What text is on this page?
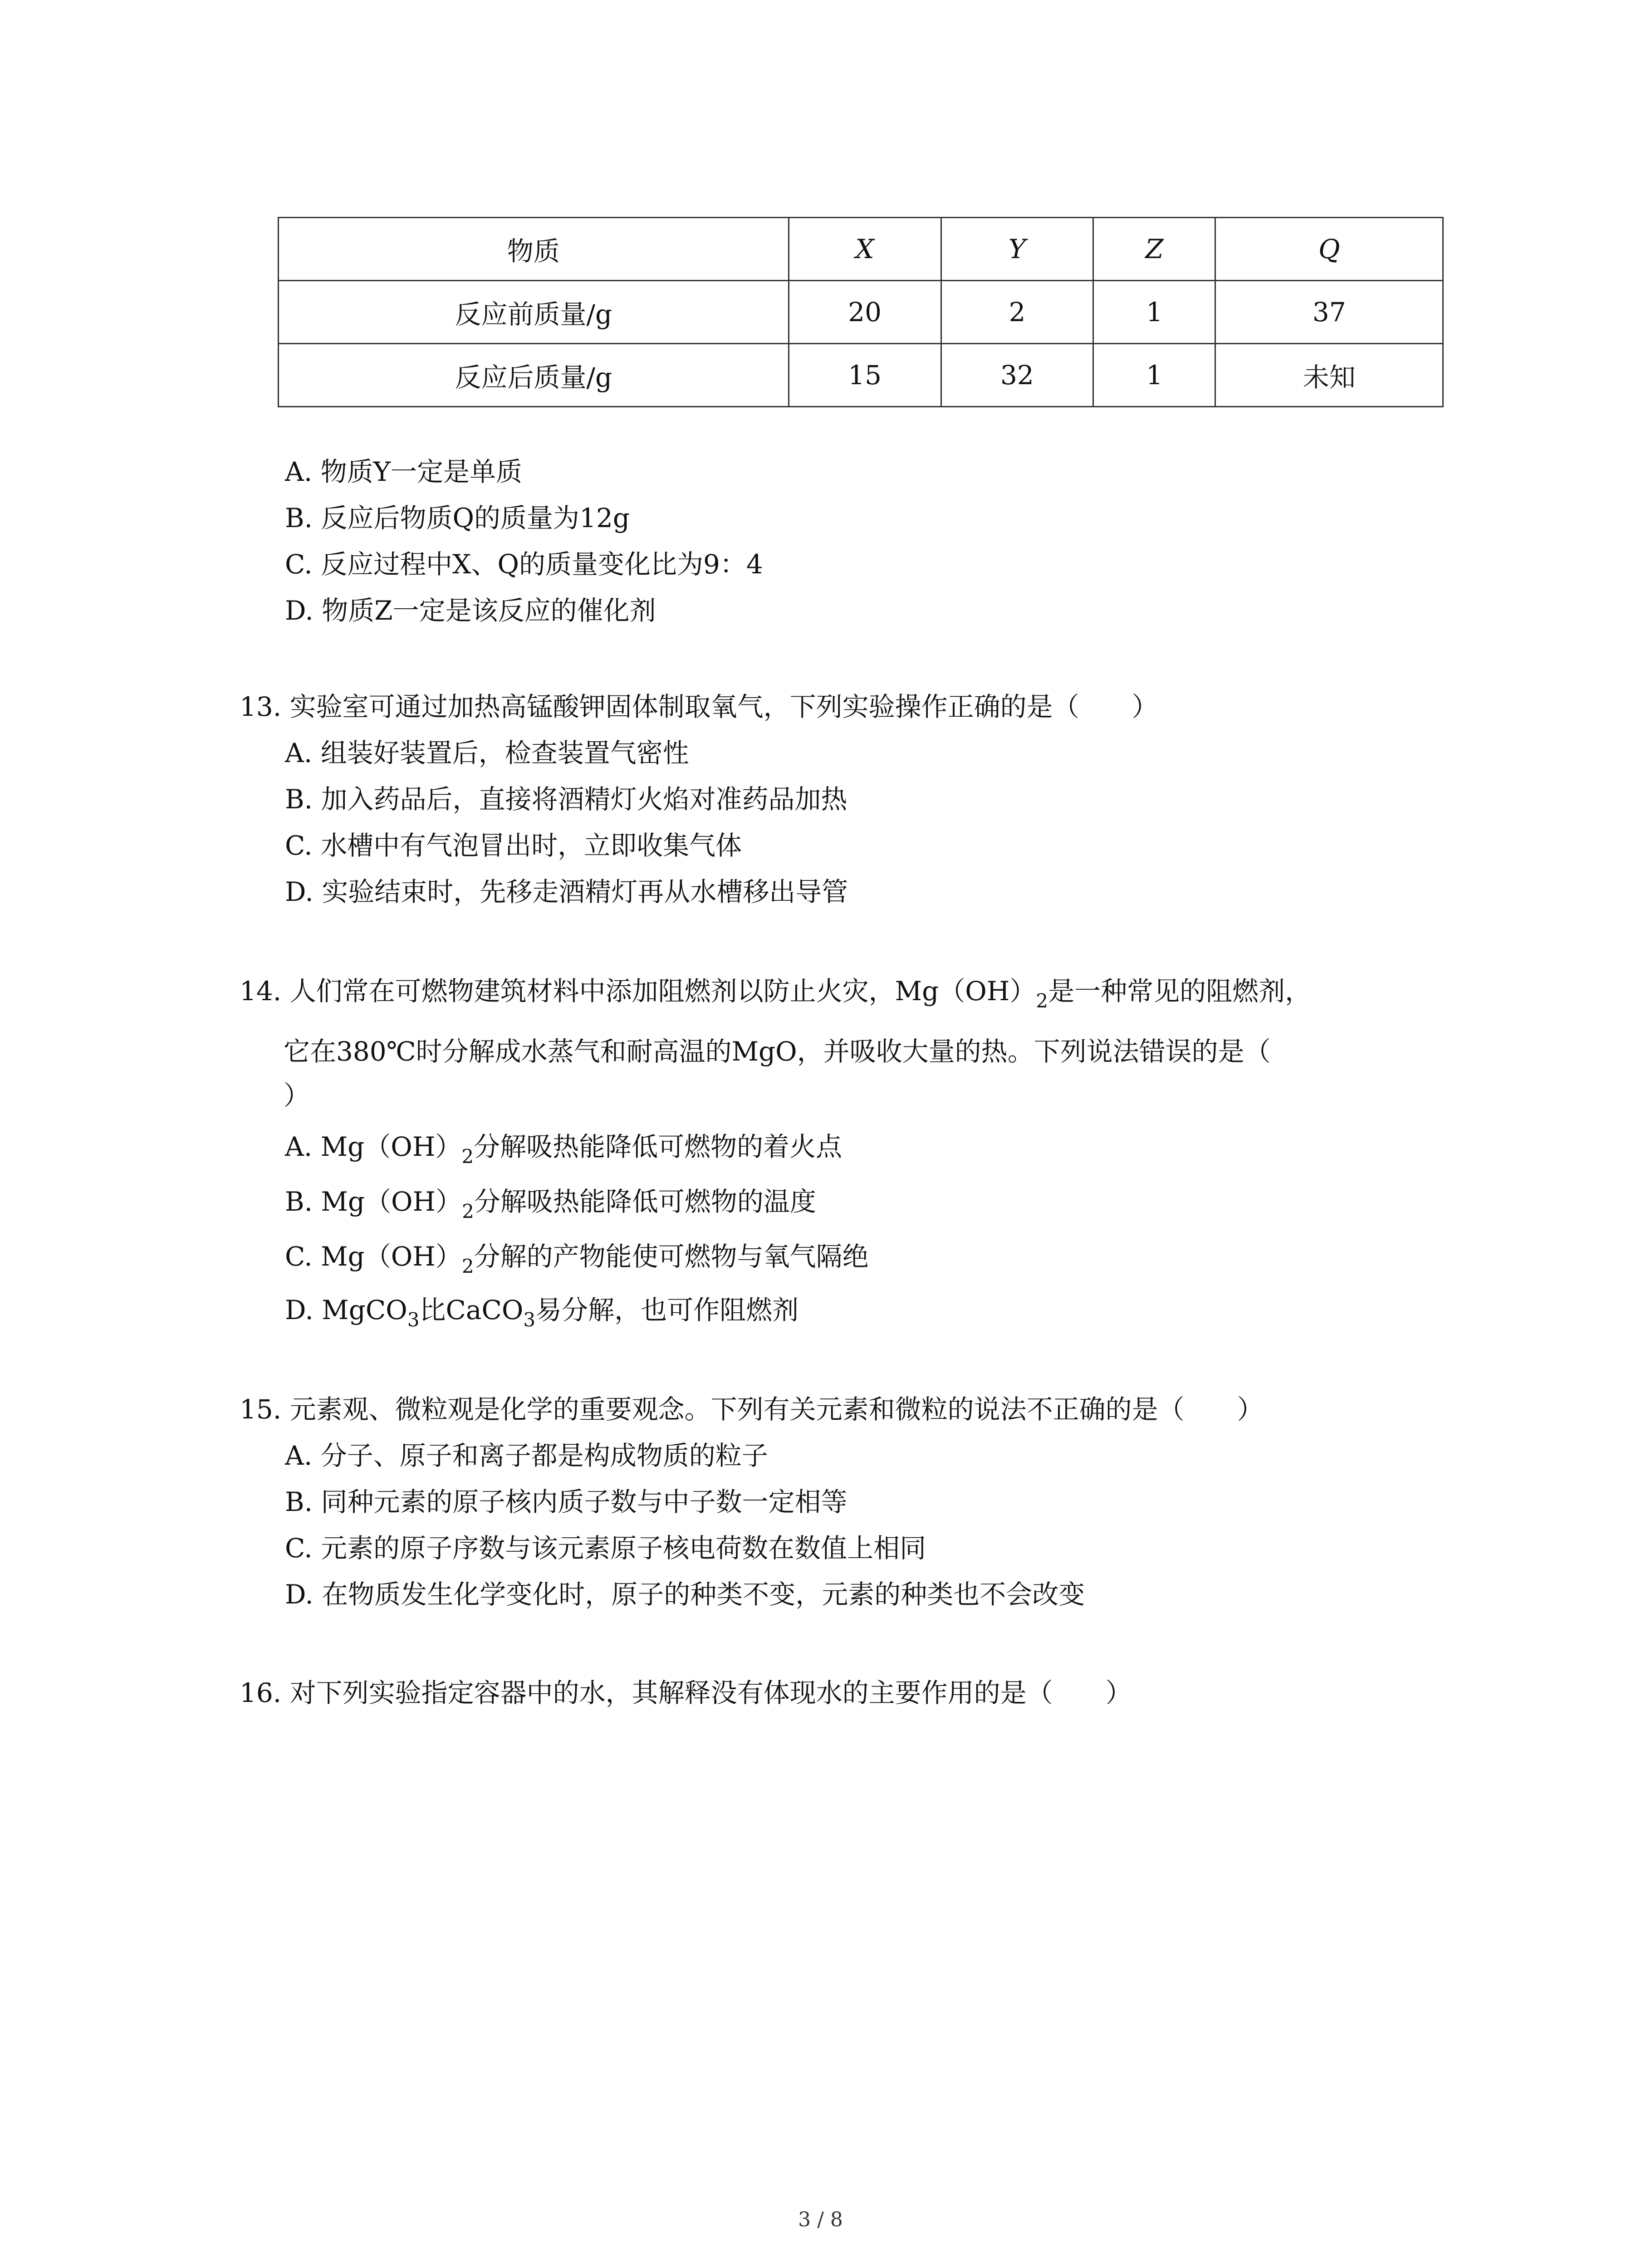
物质	X	Y	Z	Q
反应前质量/g	20	2	1	37
反应后质量/g	15	32	1	未知
A. 物质Y一定是单质
B. 反应后物质Q的质量为12g
C. 反应过程中X、Q的质量变化比为9：4
D. 物质Z一定是该反应的催化剂
13. 实验室可通过加热高锰酸钾固体制取氧气，下列实验操作正确的是（　　）
A. 组装好装置后，检查装置气密性
B. 加入药品后，直接将酒精灯火焰对准药品加热
C. 水槽中有气泡冒出时，立即收集气体
D. 实验结束时，先移走酒精灯再从水槽移出导管
14. 人们常在可燃物建筑材料中添加阻燃剂以防止火灾，$Mg(OH)_2$是一种常见的阻燃剂，
它在380℃时分解成水蒸气和耐高温的MgO，并吸收大量的热。下列说法错误的是（
）
A. $Mg(OH)_2$分解吸热能降低可燃物的着火点
B. $Mg(OH)_2$分解吸热能降低可燃物的温度
C. $Mg(OH)_2$分解的产物能使可燃物与氧气隔绝
D. MgCO$_3$比CaCO$_3$易分解，也可作阻燃剂
15. 元素观、微粒观是化学的重要观念。下列有关元素和微粒的说法不正确的是（　　）
A. 分子、原子和离子都是构成物质的粒子
B. 同种元素的原子核内质子数与中子数一定相等
C. 元素的原子序数与该元素原子核电荷数在数值上相同
D. 在物质发生化学变化时，原子的种类不变，元素的种类也不会改变
16. 对下列实验指定容器中的水，其解释没有体现水的主要作用的是（　　）
3 / 8
